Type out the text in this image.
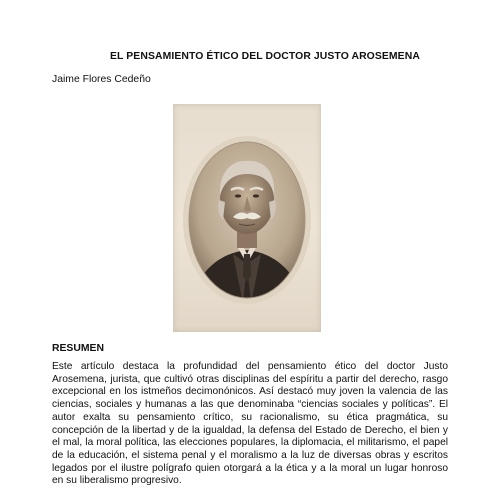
EL PENSAMIENTO ÉTICO DEL DOCTOR JUSTO AROSEMENA
Jaime Flores Cedeño
RESUMEN

Este artículo destaca la profundidad del pensamiento ético del doctor Justo Arosemena, jurista, que cultivó otras disciplinas del espíritu a partir del derecho, rasgo excepcional en los istmeños decimonónicos. Así destacó muy joven la valencia de las ciencias, sociales y humanas a las que denominaba “ciencias sociales y políticas”. El autor exalta su pensamiento crítico, su racionalismo, su ética pragmática, su concepción de la libertad y de la igualdad, la defensa del Estado de Derecho, el bien y el mal, la moral política, las elecciones populares, la diplomacia, el militarismo, el papel de la educación, el sistema penal y el moralismo a la luz de diversas obras y escritos legados por el ilustre polígrafo quien otorgará a la ética y a la moral un lugar honroso en su liberalismo progresivo.
